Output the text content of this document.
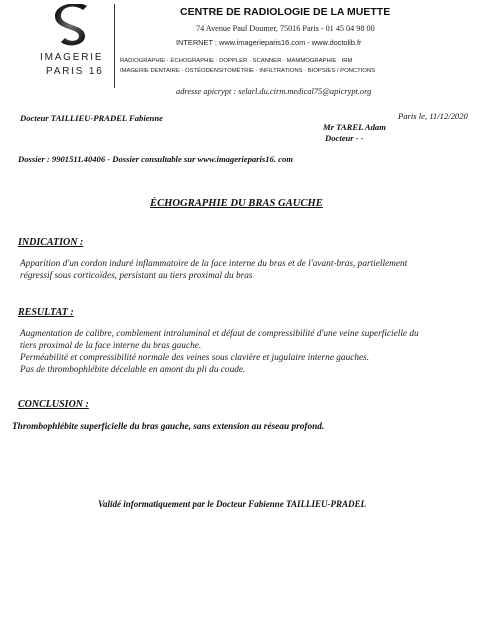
IMAGERIE
PARIS 16
CENTRE DE RADIOLOGIE DE LA MUETTE
74 Avenue Paul Doumer, 75016 Paris - 01 45 04 98 00
INTERNET : www.imagerieparis16.com - www.doctolib.fr
RADIOGRAPHIE · ÉCHOGRAPHIE · DOPPLER · SCANNER · MAMMOGRAPHIE · IRM
IMAGERIE DENTAIRE · OSTÉODENSITOMÉTRIE · INFILTRATIONS · BIOPSIES / PONCTIONS
adresse apicrypt : selarl.du.cirm.medical75@apicrypt.org
Docteur TAILLIEU-PRADEL Fabienne	Paris le, 11/12/2020
Mr TAREL Adam
Docteur - -
Dossier : 9901511.40406 - Dossier consultable sur www.imagerieparis16. com
ÉCHOGRAPHIE DU BRAS GAUCHE
INDICATION :
Apparition d'un cordon induré inflammatoire de la face interne du bras et de l'avant-bras, partiellement
régressif sous corticoïdes, persistant au tiers proximal du bras
RESULTAT :
Augmentation de calibre, comblement intraluminal et défaut de compressibilité d'une veine superficielle du
tiers proximal de la face interne du bras gauche.
Perméabilité et compressibilité normale des veines sous clavière et jugulaire interne gauches.
Pas de thrombophlébite décelable en amont du pli du coude.
CONCLUSION :
Thrombophlébite superficielle du bras gauche, sans extension au réseau profond.
Validé informatiquement par le Docteur Fabienne TAILLIEU-PRADEL
